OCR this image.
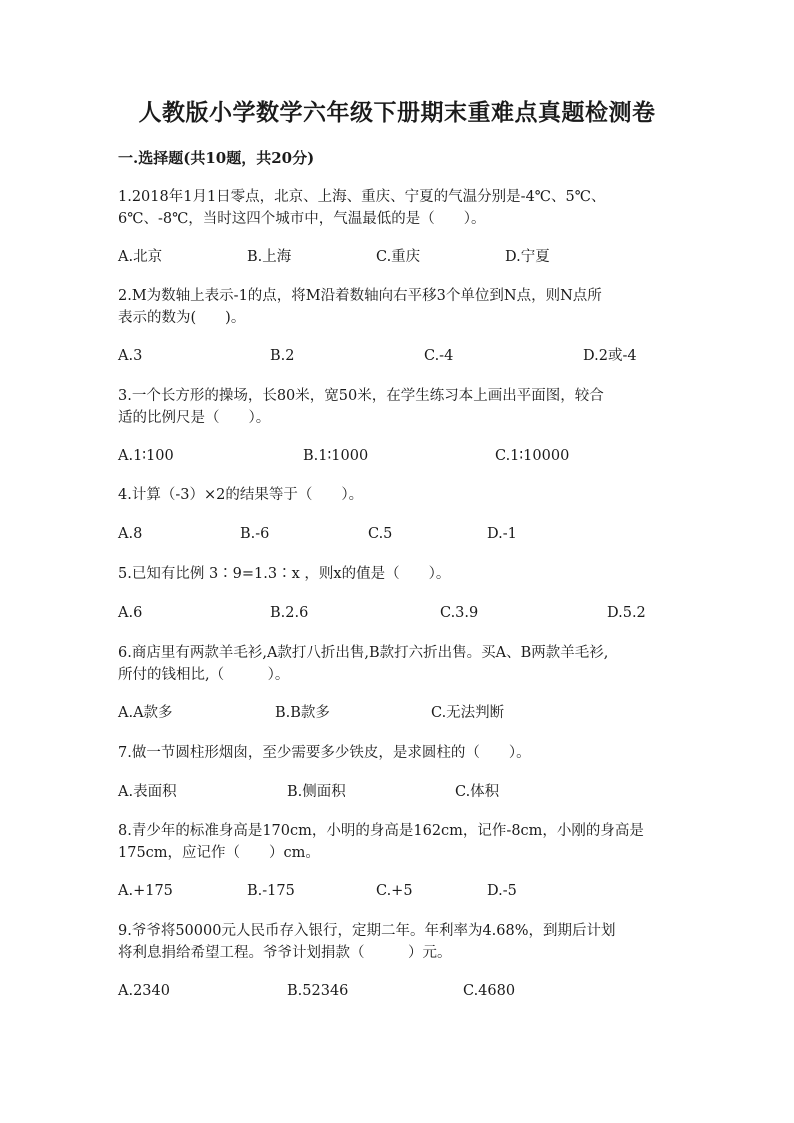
人教版小学数学六年级下册期末重难点真题检测卷
一.选择题(共10题，共20分)
1.2018年1月1日零点，北京、上海、重庆、宁夏的气温分别是-4℃、5℃、
6℃、-8℃，当时这四个城市中，气温最低的是（　　）。
A.北京	B.上海	C.重庆	D.宁夏
2.M为数轴上表示-1的点，将M沿着数轴向右平移3个单位到N点，则N点所
表示的数为(　　)。
A.3	B.2	C.-4	D.2或-4
3.一个长方形的操场，长80米，宽50米，在学生练习本上画出平面图，较合
适的比例尺是（　　）。
A.1∶100	B.1∶1000	C.1∶10000
4.计算（-3）×2的结果等于（　　）。
A.8	B.-6	C.5	D.-1
5.已知有比例 3∶9=1.3∶x ，则x的值是（　　）。
A.6	B.2.6	C.3.9	D.5.2
6.商店里有两款羊毛衫,A款打八折出售,B款打六折出售。买A、B两款羊毛衫,
所付的钱相比,（　　　）。
A.A款多	B.B款多	C.无法判断
7.做一节圆柱形烟囱，至少需要多少铁皮，是求圆柱的（　　）。
A.表面积	B.侧面积	C.体积
8.青少年的标准身高是170cm，小明的身高是162cm，记作-8cm，小刚的身高是
175cm，应记作（　　）cm。
A.+175	B.-175	C.+5	D.-5
9.爷爷将50000元人民币存入银行，定期二年。年利率为4.68%，到期后计划
将利息捐给希望工程。爷爷计划捐款（　　　）元。
A.2340	B.52346	C.4680
